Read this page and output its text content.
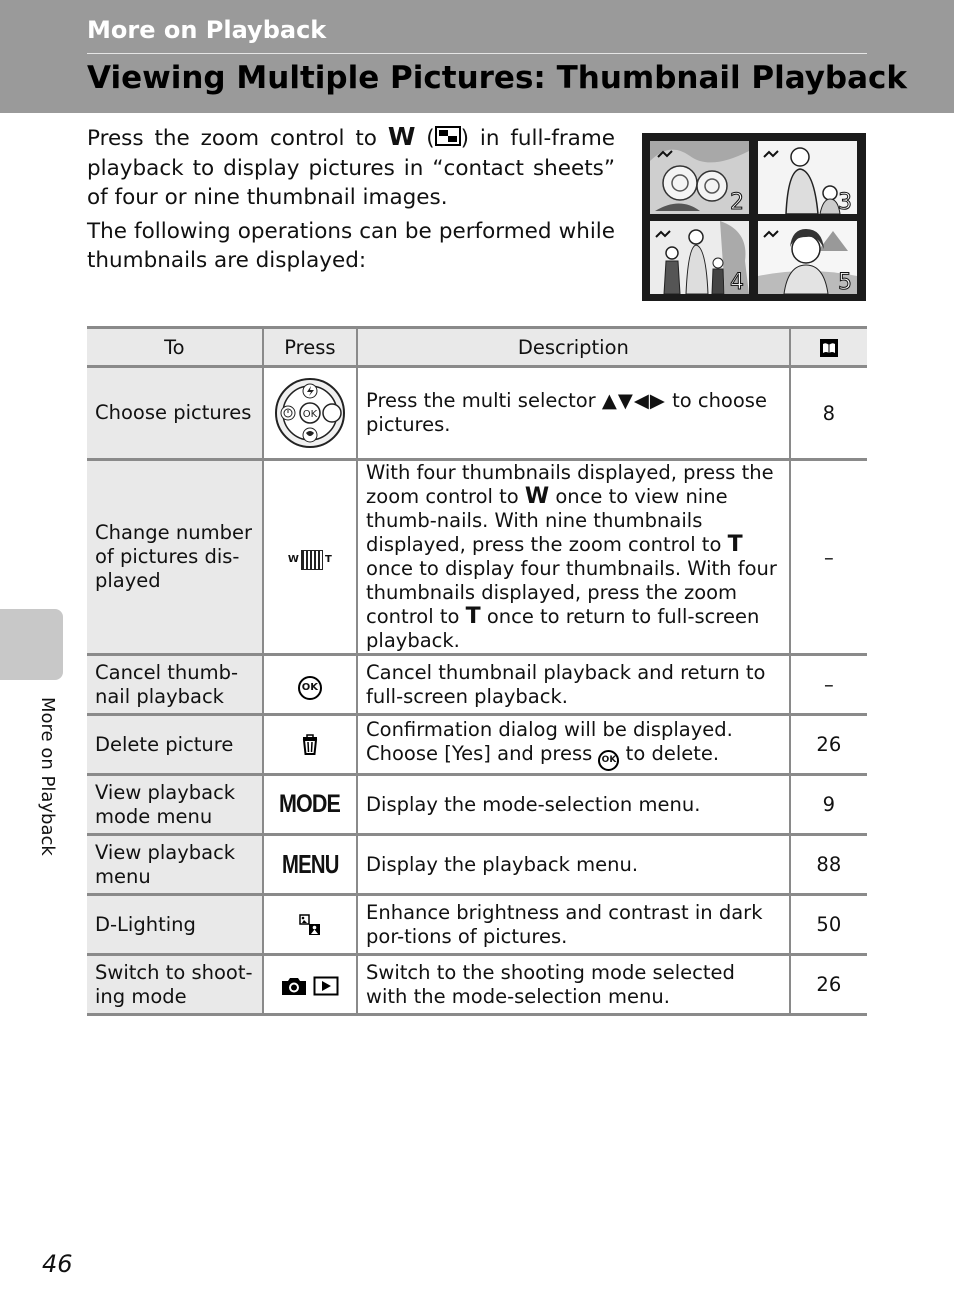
More on Playback
Viewing Multiple Pictures: Thumbnail Playback

Press the zoom control to W ( ) in full-frame playback to display pictures in “contact sheets” of four or nine thumbnail images.

The following operations can be performed while thumbnails are displayed:

2	3
4	5
To	Press	Description	
Choose pictures	OK	Press the multi selector ▲▼◀▶ to choose pictures.	8
Change number of pictures dis-played	W T	With four thumbnails displayed, press the zoom control to W once to view nine thumb-nails. With nine thumbnails displayed, press the zoom control to T once to display four thumbnails. With four thumbnails displayed, press the zoom control to T once to return to full-screen playback.	–
Cancel thumb-nail playback	OK	Cancel thumbnail playback and return to full-screen playback.	–
Delete picture		Confirmation dialog will be displayed. Choose [Yes] and press OK to delete.	26
View playback mode menu	MODE	Display the mode-selection menu.	9
View playback menu	MENU	Display the playback menu.	88
D-Lighting		Enhance brightness and contrast in dark por-tions of pictures.	50
Switch to shoot-ing mode		Switch to the shooting mode selected with the mode-selection menu.	26
More on Playback
46
